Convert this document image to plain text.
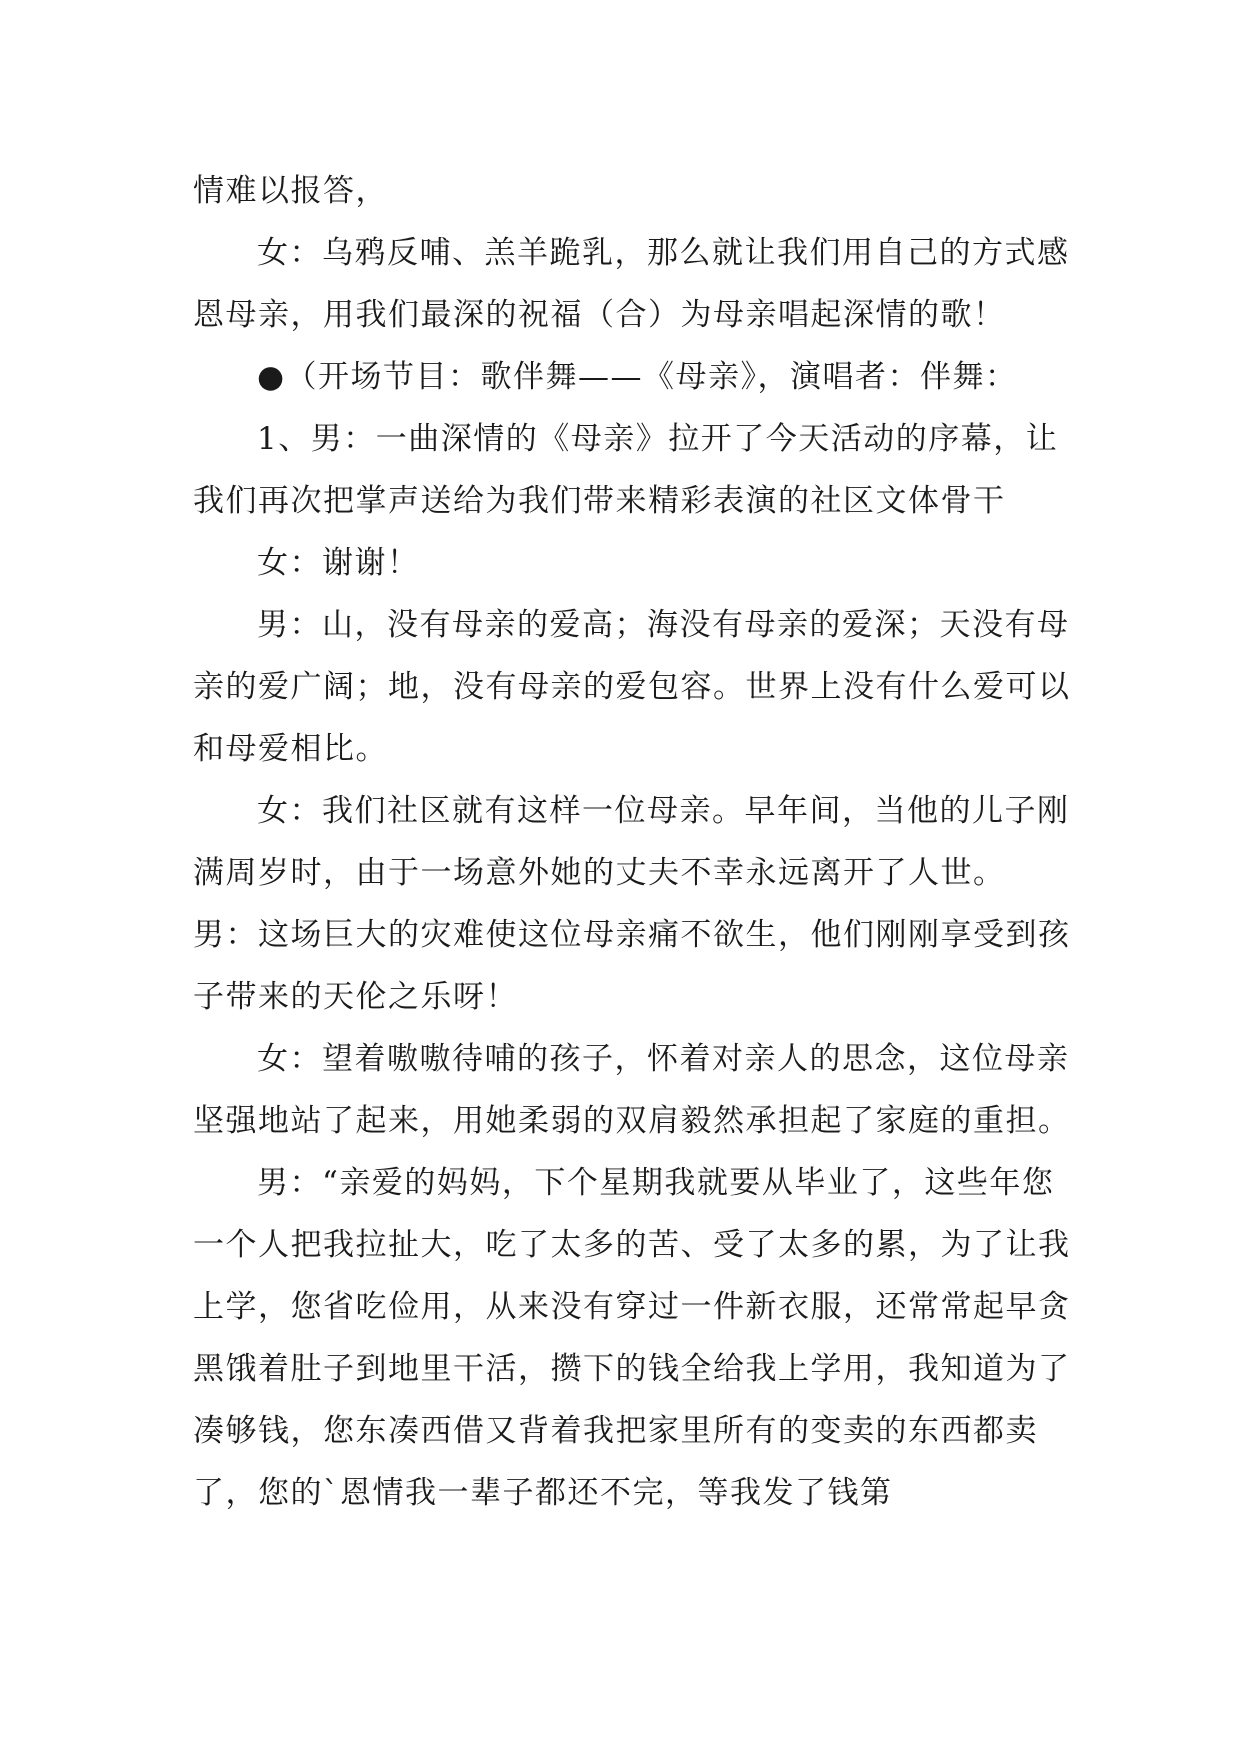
情难以报答，

女：乌鸦反哺、羔羊跪乳，那么就让我们用自己的方式感恩母亲，用我们最深的祝福（合）为母亲唱起深情的歌！

●（开场节目：歌伴舞——《母亲》，演唱者：伴舞：

1、男：一曲深情的《母亲》拉开了今天活动的序幕，让我们再次把掌声送给为我们带来精彩表演的社区文体骨干

女：谢谢！

男：山，没有母亲的爱高；海没有母亲的爱深；天没有母亲的爱广阔；地，没有母亲的爱包容。世界上没有什么爱可以和母爱相比。

女：我们社区就有这样一位母亲。早年间，当他的儿子刚满周岁时，由于一场意外她的丈夫不幸永远离开了人世。

男：这场巨大的灾难使这位母亲痛不欲生，他们刚刚享受到孩子带来的天伦之乐呀！

女：望着嗷嗷待哺的孩子，怀着对亲人的思念，这位母亲坚强地站了起来，用她柔弱的双肩毅然承担起了家庭的重担。

男：“亲爱的妈妈，下个星期我就要从毕业了，这些年您一个人把我拉扯大，吃了太多的苦、受了太多的累，为了让我上学，您省吃俭用，从来没有穿过一件新衣服，还常常起早贪黑饿着肚子到地里干活，攒下的钱全给我上学用，我知道为了凑够钱，您东凑西借又背着我把家里所有的变卖的东西都卖了，您的`恩情我一辈子都还不完，等我发了钱第
